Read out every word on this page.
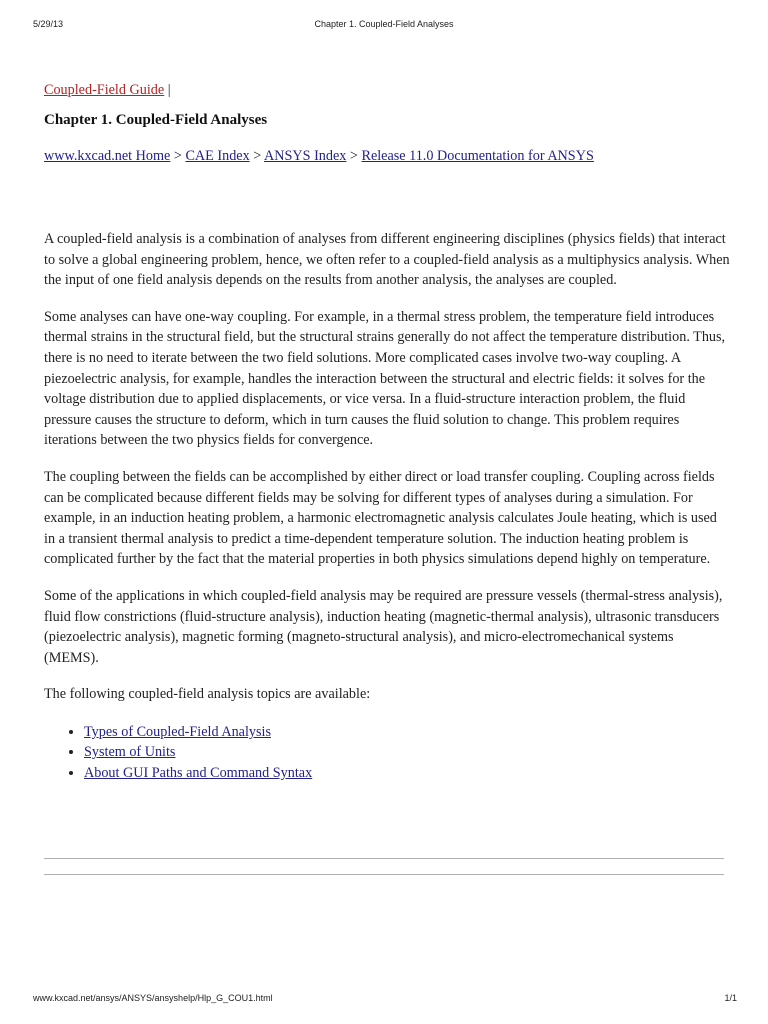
5/29/13	Chapter 1. Coupled-Field Analyses

Coupled-Field Guide |

Chapter 1. Coupled-Field Analyses

www.kxcad.net Home > CAE Index > ANSYS Index > Release 11.0 Documentation for ANSYS

A coupled-field analysis is a combination of analyses from different engineering disciplines (physics fields) that interact to solve a global engineering problem, hence, we often refer to a coupled-field analysis as a multiphysics analysis. When the input of one field analysis depends on the results from another analysis, the analyses are coupled.

Some analyses can have one-way coupling. For example, in a thermal stress problem, the temperature field introduces thermal strains in the structural field, but the structural strains generally do not affect the temperature distribution. Thus, there is no need to iterate between the two field solutions. More complicated cases involve two-way coupling. A piezoelectric analysis, for example, handles the interaction between the structural and electric fields: it solves for the voltage distribution due to applied displacements, or vice versa. In a fluid-structure interaction problem, the fluid pressure causes the structure to deform, which in turn causes the fluid solution to change. This problem requires iterations between the two physics fields for convergence.

The coupling between the fields can be accomplished by either direct or load transfer coupling. Coupling across fields can be complicated because different fields may be solving for different types of analyses during a simulation. For example, in an induction heating problem, a harmonic electromagnetic analysis calculates Joule heating, which is used in a transient thermal analysis to predict a time-dependent temperature solution. The induction heating problem is complicated further by the fact that the material properties in both physics simulations depend highly on temperature.

Some of the applications in which coupled-field analysis may be required are pressure vessels (thermal-stress analysis), fluid flow constrictions (fluid-structure analysis), induction heating (magnetic-thermal analysis), ultrasonic transducers (piezoelectric analysis), magnetic forming (magneto-structural analysis), and micro-electromechanical systems (MEMS).

The following coupled-field analysis topics are available:

• Types of Coupled-Field Analysis
• System of Units
• About GUI Paths and Command Syntax
www.kxcad.net/ansys/ANSYS/ansyshelp/Hlp_G_COU1.html	1/1
